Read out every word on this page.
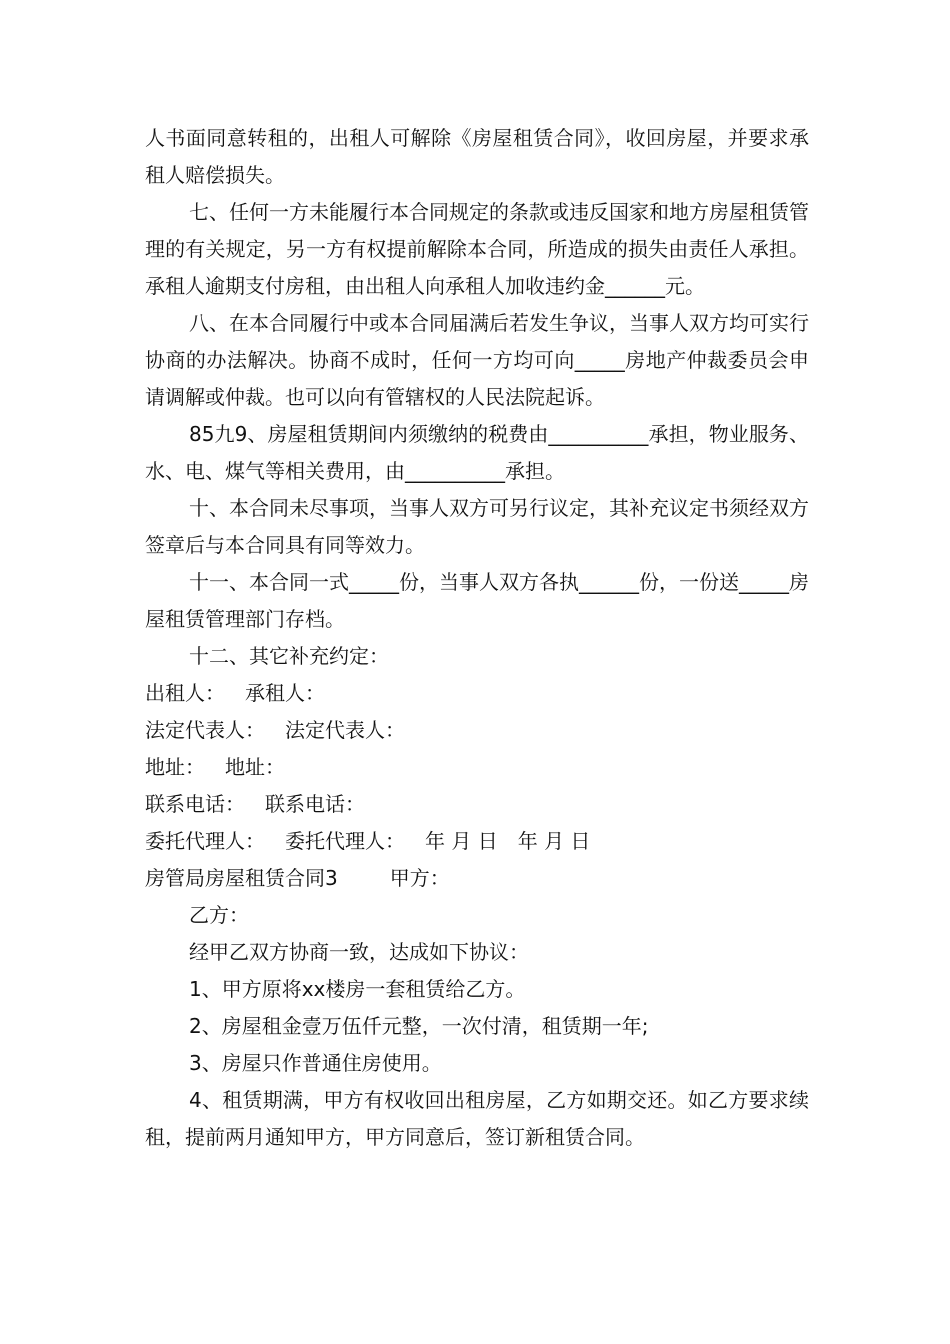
人书面同意转租的，出租人可解除《房屋租赁合同》，收回房屋，并要求承租人赔偿损失。

七、任何一方未能履行本合同规定的条款或违反国家和地方房屋租赁管理的有关规定，另一方有权提前解除本合同，所造成的损失由责任人承担。承租人逾期支付房租，由出租人向承租人加收违约金______元。

八、在本合同履行中或本合同届满后若发生争议，当事人双方均可实行协商的办法解决。协商不成时，任何一方均可向_____房地产仲裁委员会申请调解或仲裁。也可以向有管辖权的人民法院起诉。

85九9、房屋租赁期间内须缴纳的税费由__________承担，物业服务、水、电、煤气等相关费用，由__________承担。

十、本合同未尽事项，当事人双方可另行议定，其补充议定书须经双方签章后与本合同具有同等效力。

十一、本合同一式_____份，当事人双方各执______份，一份送_____房屋租赁管理部门存档。

十二、其它补充约定：

出租人： 承租人：

法定代表人： 法定代表人：

地址： 地址：

联系电话： 联系电话：

委托代理人： 委托代理人： 年 月 日 年 月 日

房管局房屋租赁合同3	甲方：

乙方：

经甲乙双方协商一致，达成如下协议：

1、甲方原将xx楼房一套租赁给乙方。

2、房屋租金壹万伍仟元整，一次付清，租赁期一年;

3、房屋只作普通住房使用。

4、租赁期满，甲方有权收回出租房屋，乙方如期交还。如乙方要求续租，提前两月通知甲方，甲方同意后，签订新租赁合同。
